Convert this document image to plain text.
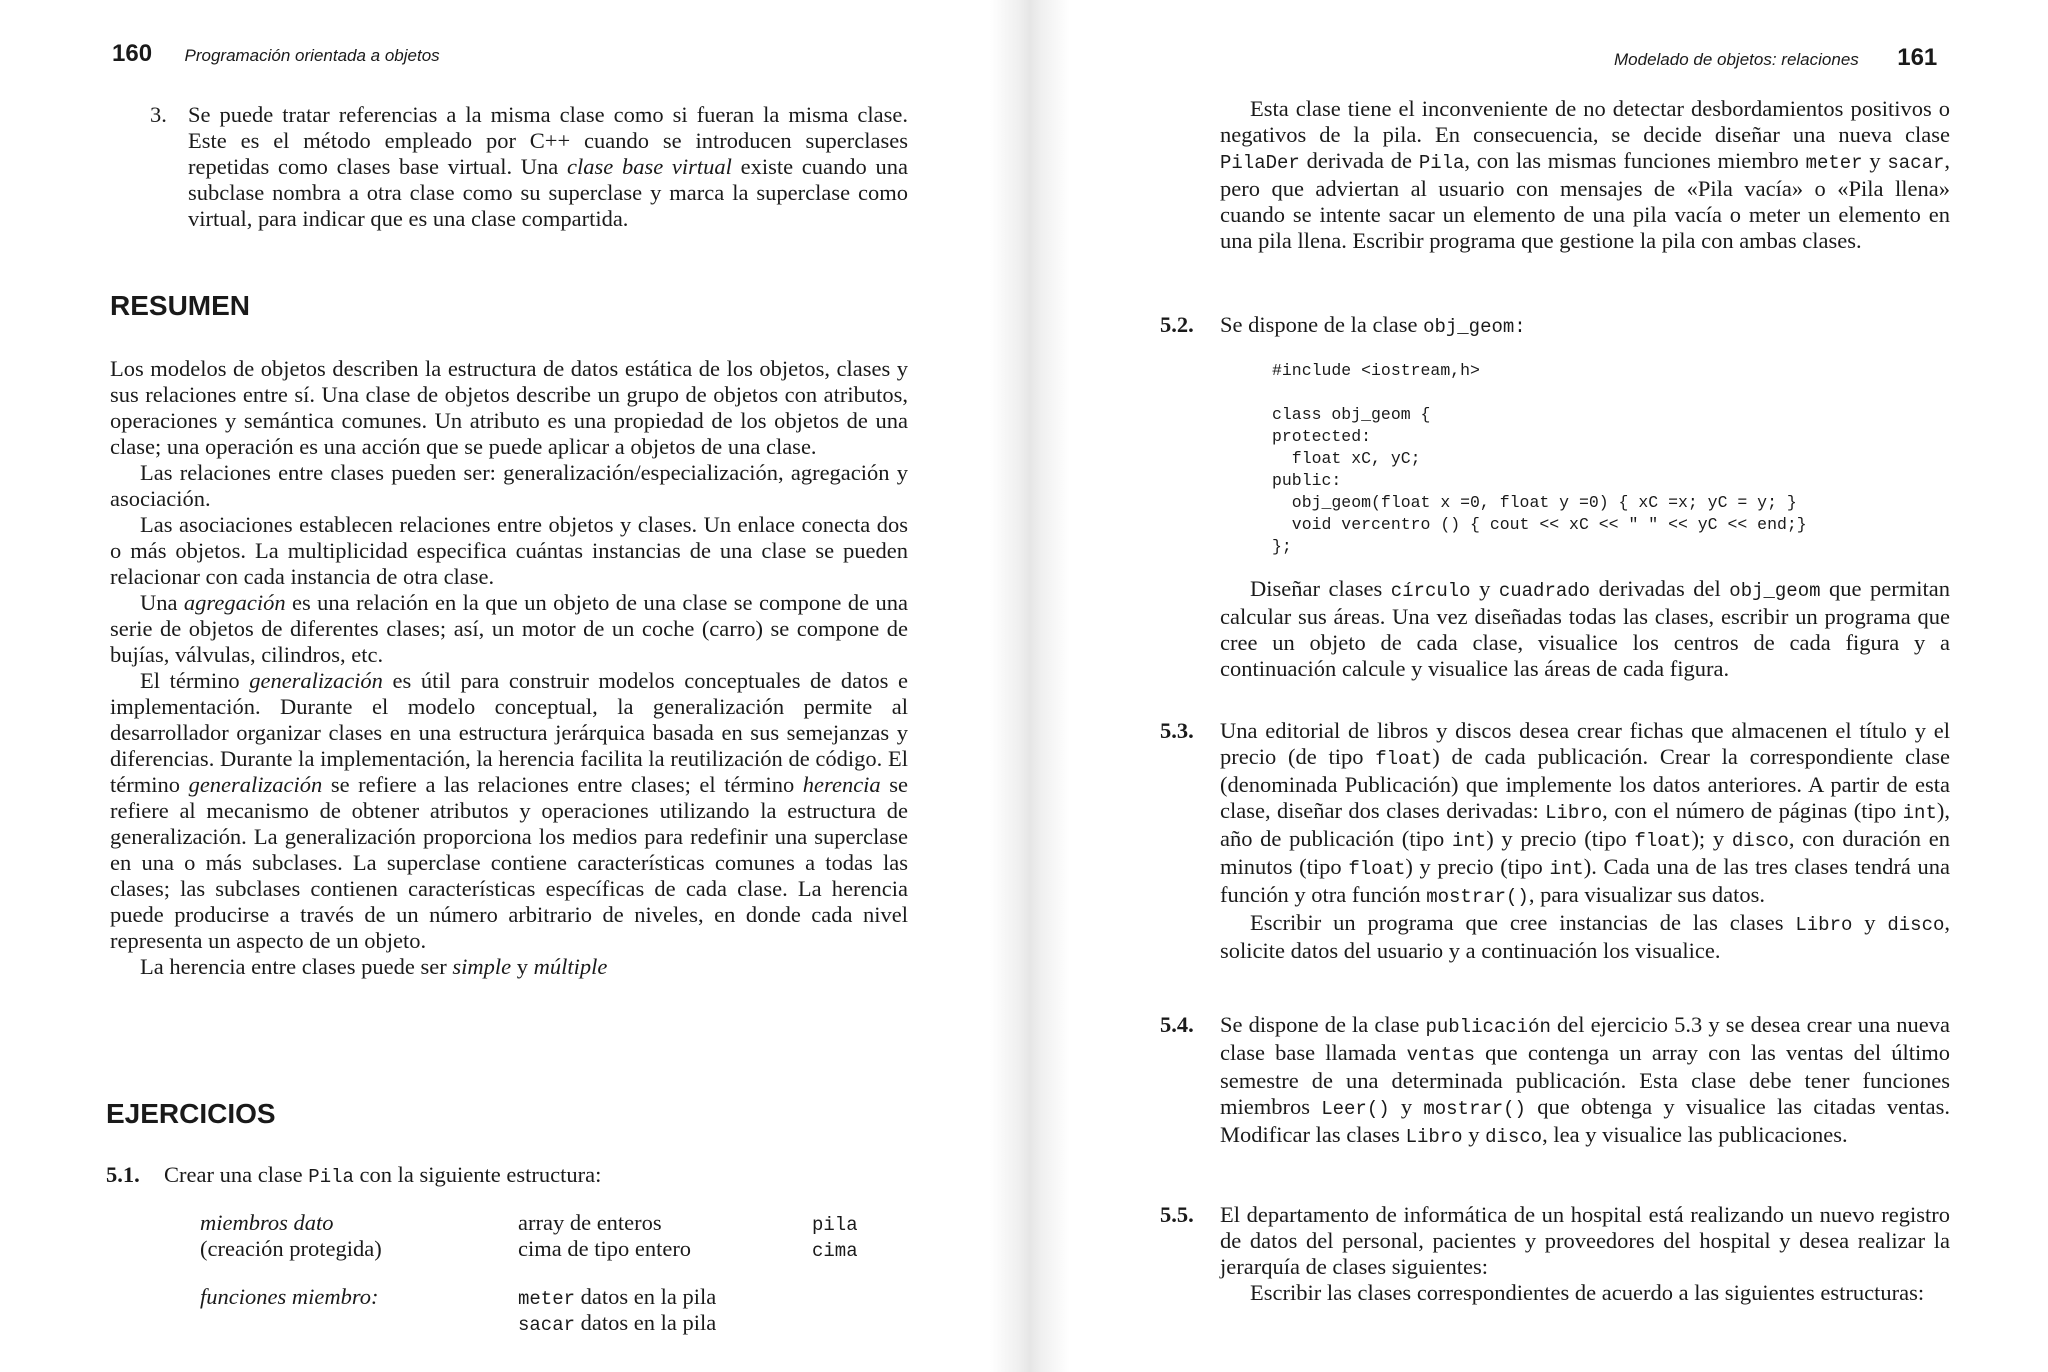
160 Programación orientada a objetos
3. Se puede tratar referencias a la misma clase como si fueran la misma clase. Este es el método empleado por C++ cuando se introducen superclases repetidas como clases base virtual. Una clase base virtual existe cuando una subclase nombra a otra clase como su superclase y marca la superclase como virtual, para indicar que es una clase compartida.

RESUMEN

Los modelos de objetos describen la estructura de datos estática de los objetos, clases y sus relaciones entre sí. Una clase de objetos describe un grupo de objetos con atributos, operaciones y semántica comunes. Un atributo es una propiedad de los objetos de una clase; una operación es una acción que se puede aplicar a objetos de una clase.

Las relaciones entre clases pueden ser: generalización/especialización, agregación y asociación.

Las asociaciones establecen relaciones entre objetos y clases. Un enlace conecta dos o más objetos. La multiplicidad especifica cuántas instancias de una clase se pueden relacionar con cada instancia de otra clase.

Una agregación es una relación en la que un objeto de una clase se compone de una serie de objetos de diferentes clases; así, un motor de un coche (carro) se compone de bujías, válvulas, cilindros, etc.

El término generalización es útil para construir modelos conceptuales de datos e implementación. Durante el modelo conceptual, la generalización permite al desarrollador organizar clases en una estructura jerárquica basada en sus semejanzas y diferencias. Durante la implementación, la herencia facilita la reutilización de código. El término generalización se refiere a las relaciones entre clases; el término herencia se refiere al mecanismo de obtener atributos y operaciones utilizando la estructura de generalización. La generalización proporciona los medios para redefinir una superclase en una o más subclases. La superclase contiene características comunes a todas las clases; las subclases contienen características específicas de cada clase. La herencia puede producirse a través de un número arbitrario de niveles, en donde cada nivel representa un aspecto de un objeto.

La herencia entre clases puede ser simple y múltiple

EJERCICIOS
5.1. Crear una clase Pila con la siguiente estructura:

miembros dato	array de enteros	pila
(creación protegida)	cima de tipo entero	cima
funciones miembro:	meter datos en la pila
sacar datos en la pila
Modelado de objetos: relaciones 161

Esta clase tiene el inconveniente de no detectar desbordamientos positivos o negativos de la pila. En consecuencia, se decide diseñar una nueva clase PilaDer derivada de Pila, con las mismas funciones miembro meter y sacar, pero que adviertan al usuario con mensajes de «Pila vacía» o «Pila llena» cuando se intente sacar un elemento de una pila vacía o meter un elemento en una pila llena. Escribir programa que gestione la pila con ambas clases.

5.2. Se dispone de la clase obj_geom:

#include <iostream,h>

class obj_geom {
protected:
float xC, yC;
public:
obj_geom(float x =0, float y =0) { xC =x; yC = y; }
void vercentro () { cout << xC << " " << yC << end;}
};

Diseñar clases círculo y cuadrado derivadas del obj_geom que permitan calcular sus áreas. Una vez diseñadas todas las clases, escribir un programa que cree un objeto de cada clase, visualice los centros de cada figura y a continuación calcule y visualice las áreas de cada figura.

5.3. Una editorial de libros y discos desea crear fichas que almacenen el título y el precio (de tipo float) de cada publicación. Crear la correspondiente clase (denominada Publicación) que implemente los datos anteriores. A partir de esta clase, diseñar dos clases derivadas: Libro, con el número de páginas (tipo int), año de publicación (tipo int) y precio (tipo float); y disco, con duración en minutos (tipo float) y precio (tipo int). Cada una de las tres clases tendrá una función y otra función mostrar(), para visualizar sus datos.

Escribir un programa que cree instancias de las clases Libro y disco, solicite datos del usuario y a continuación los visualice.

5.4. Se dispone de la clase publicación del ejercicio 5.3 y se desea crear una nueva clase base llamada ventas que contenga un array con las ventas del último semestre de una determinada publicación. Esta clase debe tener funciones miembros Leer() y mostrar() que obtenga y visualice las citadas ventas. Modificar las clases Libro y disco, lea y visualice las publicaciones.

5.5. El departamento de informática de un hospital está realizando un nuevo registro de datos del personal, pacientes y proveedores del hospital y desea realizar la jerarquía de clases siguientes:

Escribir las clases correspondientes de acuerdo a las siguientes estructuras:
